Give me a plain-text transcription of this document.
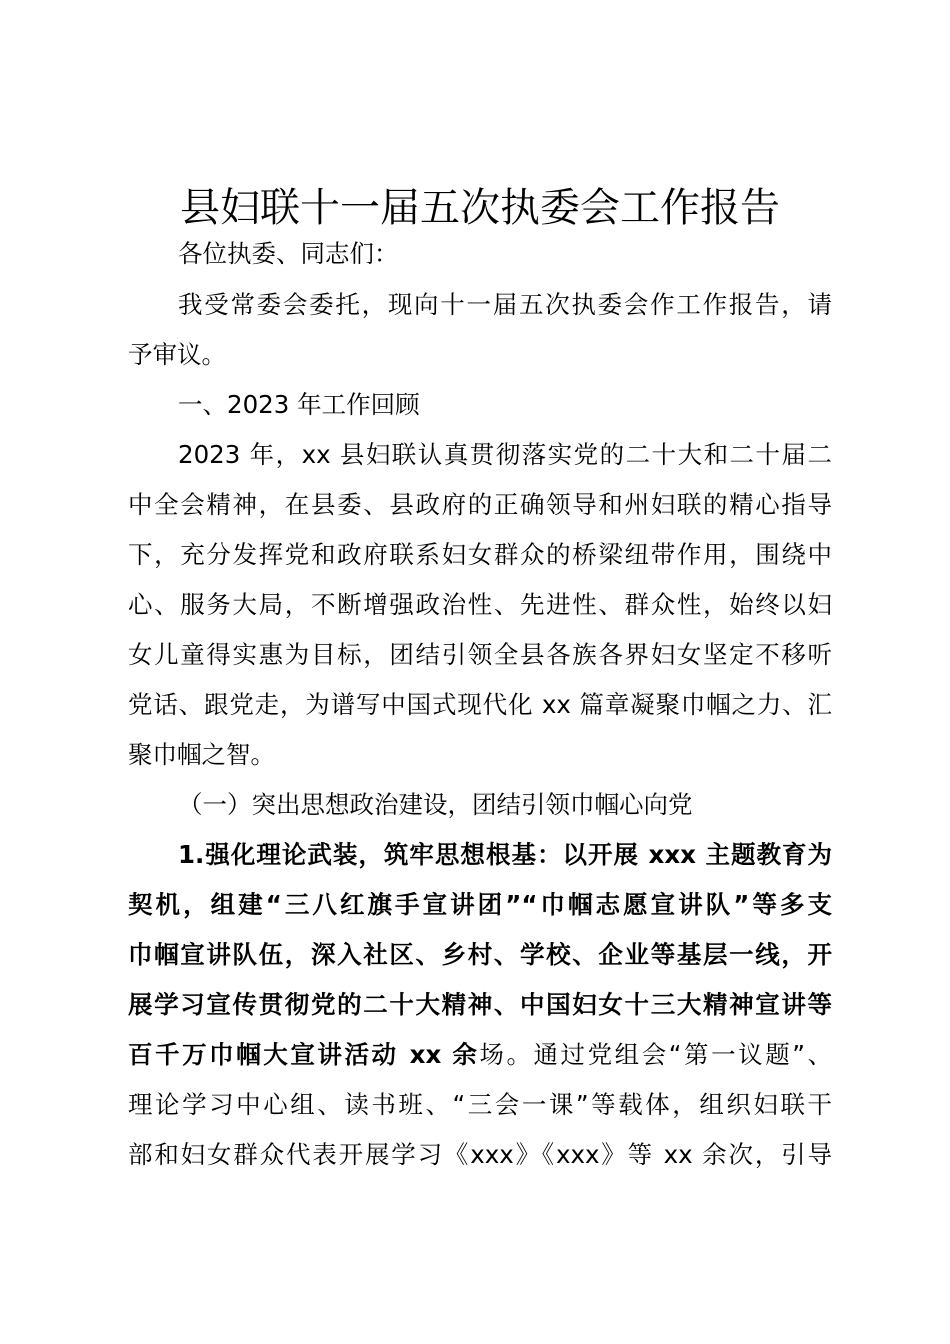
县妇联十一届五次执委会工作报告
各位执委、同志们：
我受常委会委托，现向十一届五次执委会作工作报告，请
予审议。
一、2023 年工作回顾
2023 年，xx 县妇联认真贯彻落实党的二十大和二十届二
中全会精神，在县委、县政府的正确领导和州妇联的精心指导
下，充分发挥党和政府联系妇女群众的桥梁纽带作用，围绕中
心、服务大局，不断增强政治性、先进性、群众性，始终以妇
女儿童得实惠为目标，团结引领全县各族各界妇女坚定不移听
党话、跟党走，为谱写中国式现代化 xx 篇章凝聚巾帼之力、汇
聚巾帼之智。
（一）突出思想政治建设，团结引领巾帼心向党
1.强化理论武装，筑牢思想根基：以开展 xxx 主题教育为
契机，组建“三八红旗手宣讲团”“巾帼志愿宣讲队”等多支
巾帼宣讲队伍，深入社区、乡村、学校、企业等基层一线，开
展学习宣传贯彻党的二十大精神、中国妇女十三大精神宣讲等
百千万巾帼大宣讲活动 xx 余场。通过党组会“第一议题”、
理论学习中心组、读书班、“三会一课”等载体，组织妇联干
部和妇女群众代表开展学习《xxx》《xxx》等 xx 余次，引导
